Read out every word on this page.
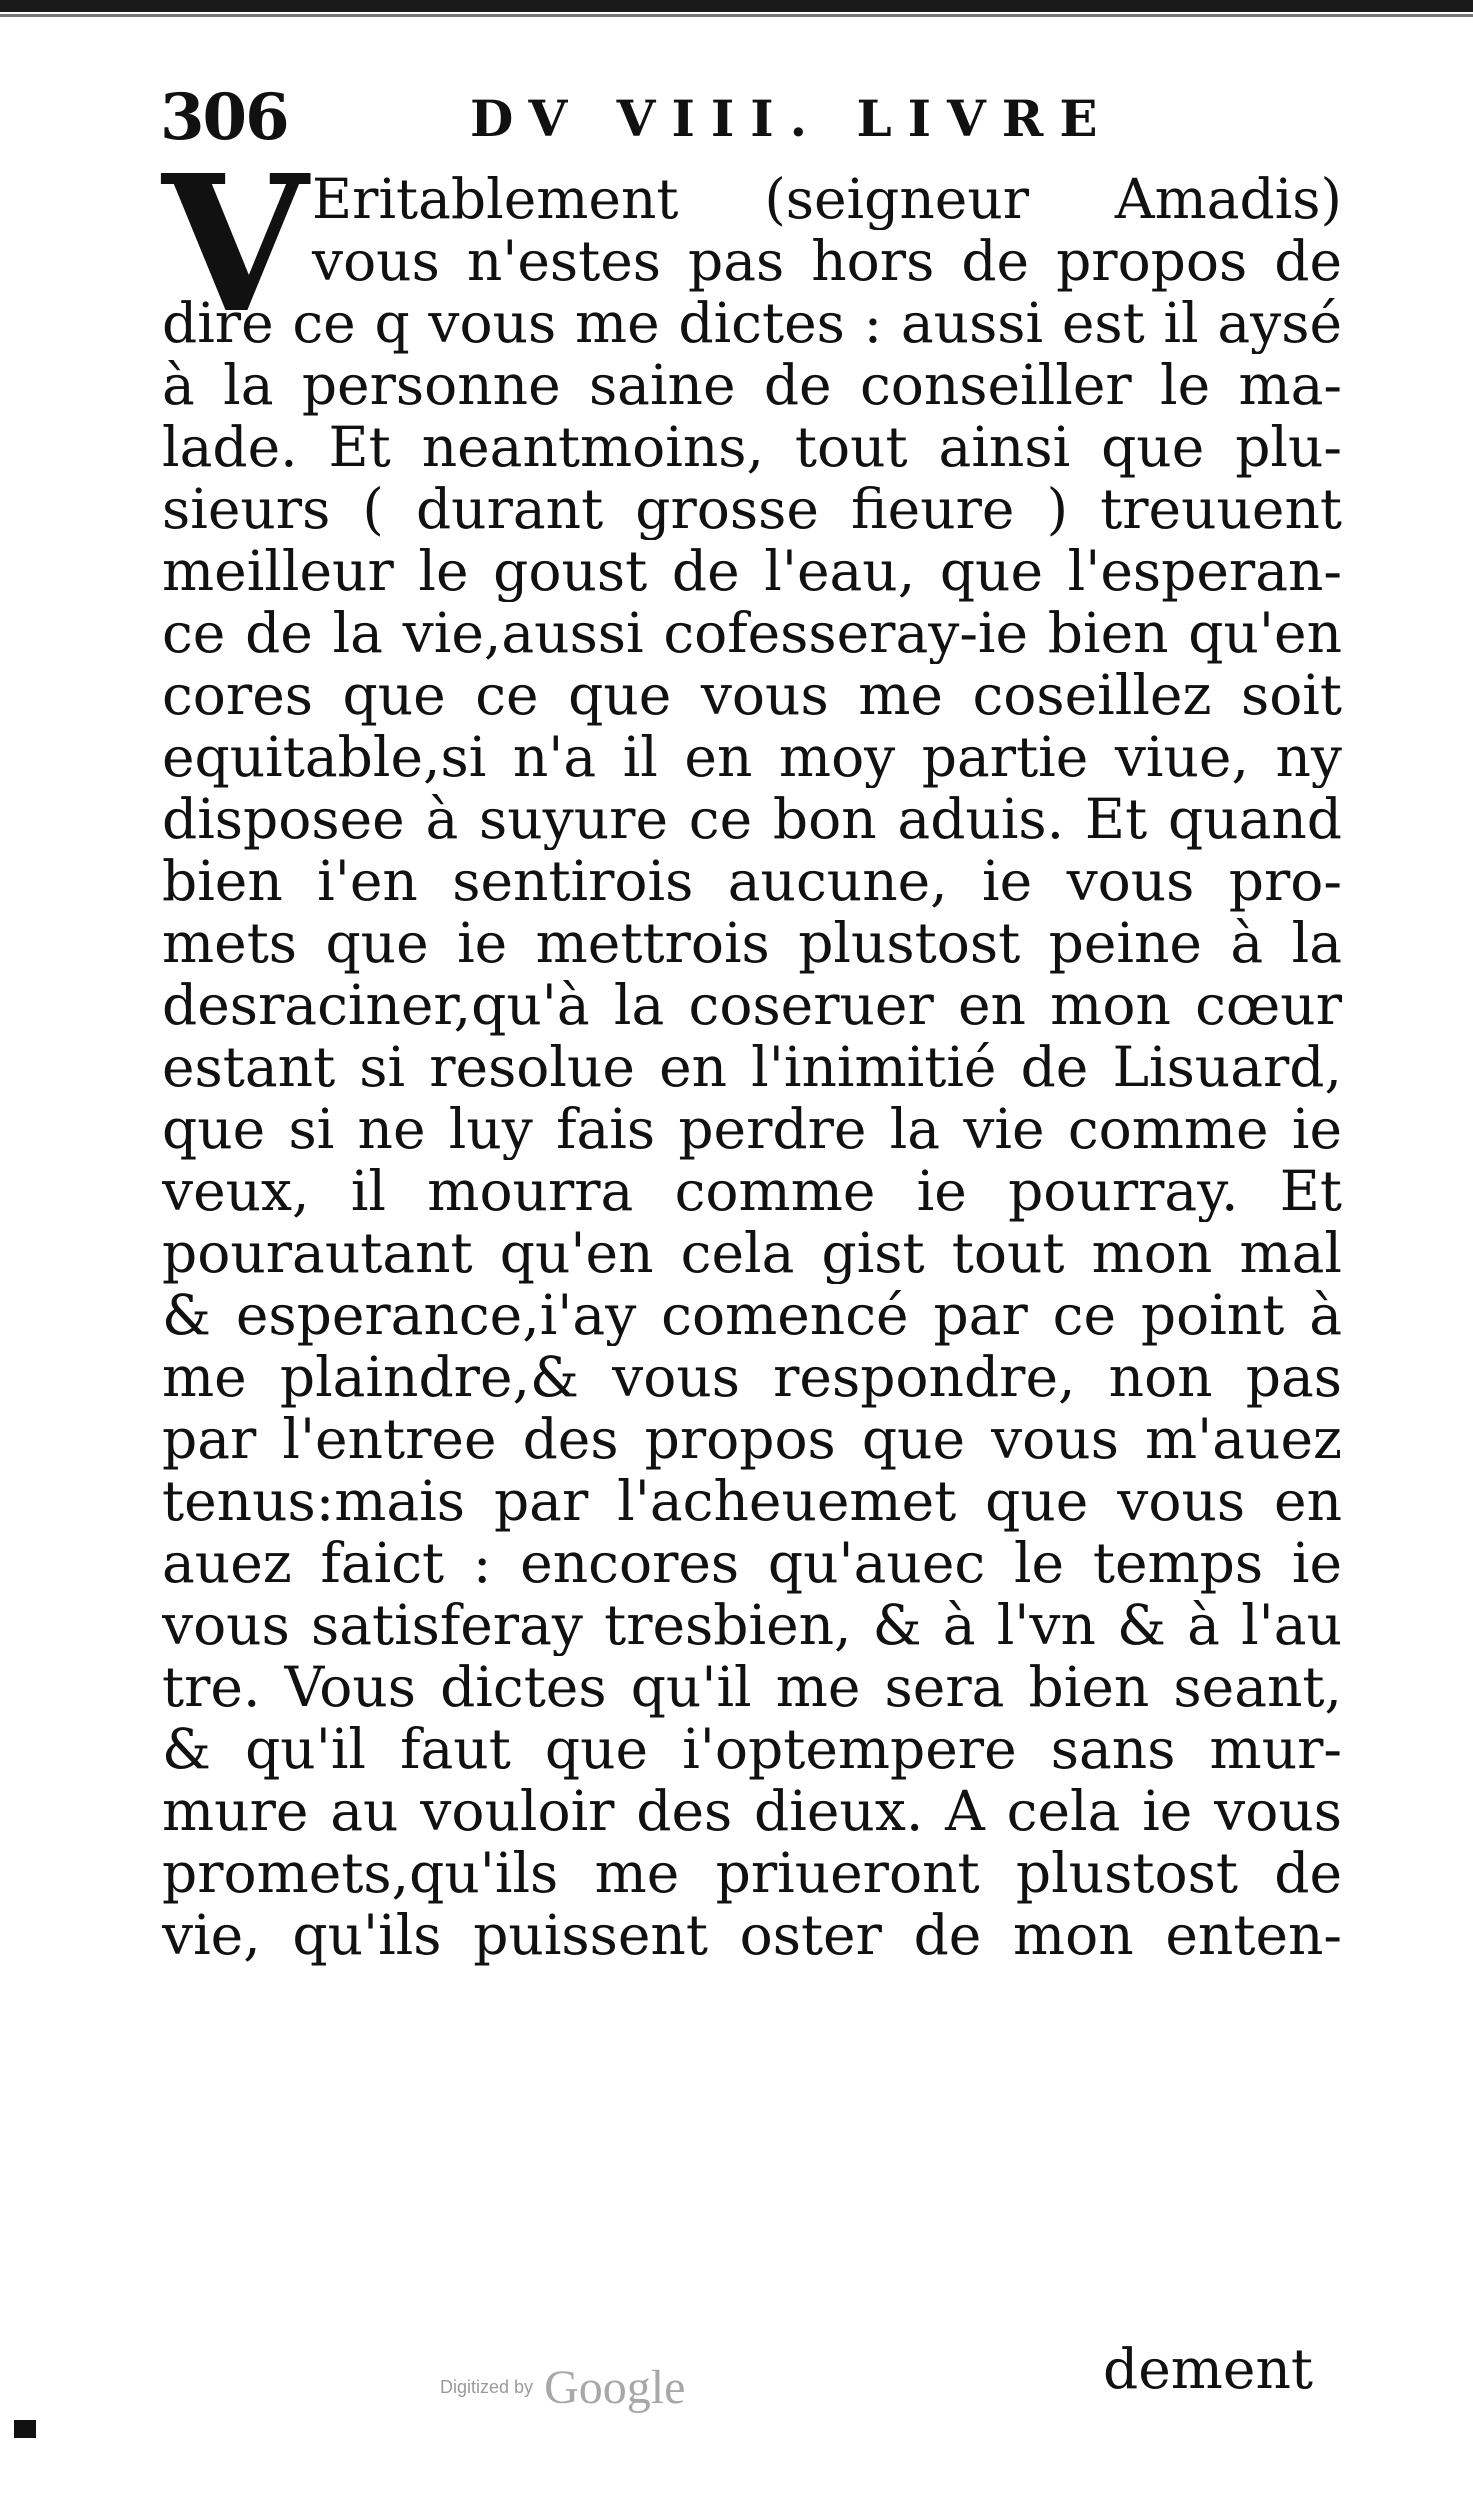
306	DV VIII. LIVRE
V Eritablement (seigneur Amadis)
vous n'estes pas hors de propos de
dire ce q vous me dictes : aussi est il aysé
à la personne saine de conseiller le ma-
lade. Et neantmoins, tout ainsi que plu-
sieurs ( durant grosse fieure ) treuuent
meilleur le goust de l'eau, que l'esperan-
ce de la vie,aussi cofesseray-ie bien qu'en
cores que ce que vous me coseillez soit
equitable,si n'a il en moy partie viue, ny
disposee à suyure ce bon aduis. Et quand
bien i'en sentirois aucune, ie vous pro-
mets que ie mettrois plustost peine à la
desraciner,qu'à la coseruer en mon cœur
estant si resolue en l'inimitié de Lisuard,
que si ne luy fais perdre la vie comme ie
veux, il mourra comme ie pourray. Et
pourautant qu'en cela gist tout mon mal
& esperance,i'ay comencé par ce point à
me plaindre,& vous respondre, non pas
par l'entree des propos que vous m'auez
tenus:mais par l'acheuemet que vous en
auez faict : encores qu'auec le temps ie
vous satisferay tresbien, & à l'vn & à l'au
tre. Vous dictes qu'il me sera bien seant,
& qu'il faut que i'optempere sans mur-
mure au vouloir des dieux. A cela ie vous
promets,qu'ils me priueront plustost de
vie, qu'ils puissent oster de mon enten-
Digitized by Google	dement
